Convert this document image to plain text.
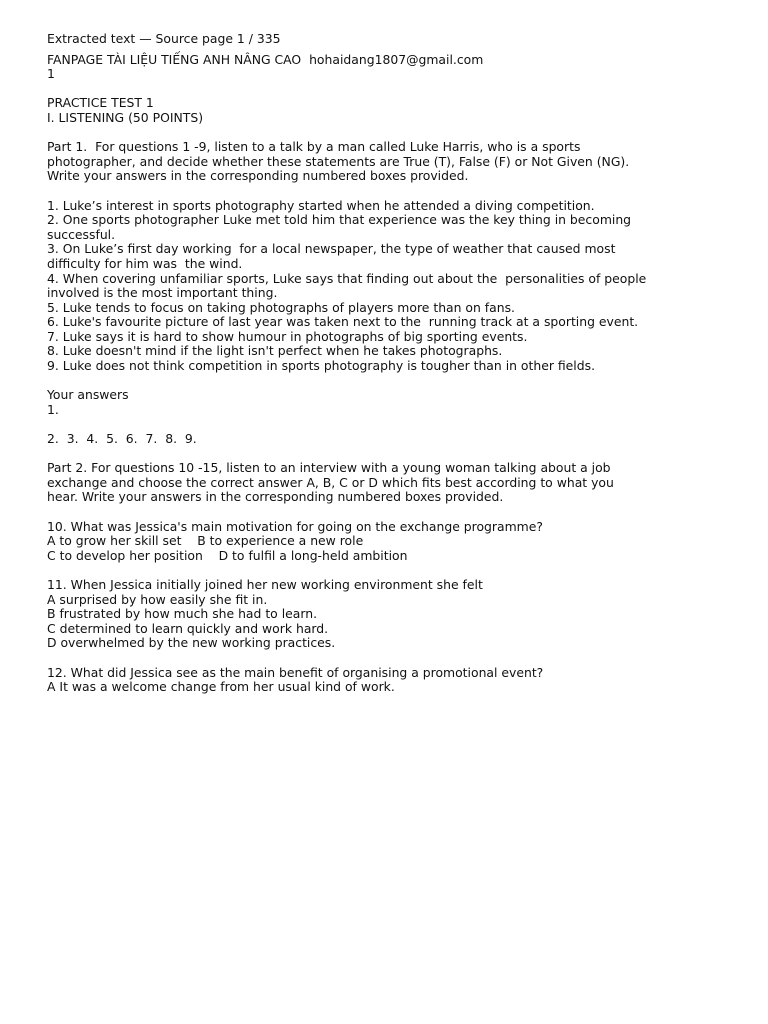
Extracted text — Source page 1 / 335
FANPAGE TÀI LIỆU TIẾNG ANH NÂNG CAO  hohaidang1807@gmail.com
1
PRACTICE TEST 1
I. LISTENING (50 POINTS)
Part 1.  For questions 1 -9, listen to a talk by a man called Luke Harris, who is a sports
photographer, and decide whether these statements are True (T), False (F) or Not Given (NG).
Write your answers in the corresponding numbered boxes provided.
1. Luke’s interest in sports photography started when he attended a diving competition.
2. One sports photographer Luke met told him that experience was the key thing in becoming
successful.
3. On Luke’s first day working  for a local newspaper, the type of weather that caused most
difficulty for him was  the wind.
4. When covering unfamiliar sports, Luke says that finding out about the  personalities of people
involved is the most important thing.
5. Luke tends to focus on taking photographs of players more than on fans.
6. Luke's favourite picture of last year was taken next to the  running track at a sporting event.
7. Luke says it is hard to show humour in photographs of big sporting events.
8. Luke doesn't mind if the light isn't perfect when he takes photographs.
9. Luke does not think competition in sports photography is tougher than in other fields.
Your answers
1.
2.  3.  4.  5.  6.  7.  8.  9.
Part 2. For questions 10 -15, listen to an interview with a young woman talking about a job
exchange and choose the correct answer A, B, C or D which fits best according to what you
hear. Write your answers in the corresponding numbered boxes provided.
10. What was Jessica's main motivation for going on the exchange programme?
A to grow her skill set    B to experience a new role
C to develop her position    D to fulfil a long-held ambition
11. When Jessica initially joined her new working environment she felt
A surprised by how easily she fit in.
B frustrated by how much she had to learn.
C determined to learn quickly and work hard.
D overwhelmed by the new working practices.
12. What did Jessica see as the main benefit of organising a promotional event?
A It was a welcome change from her usual kind of work.
